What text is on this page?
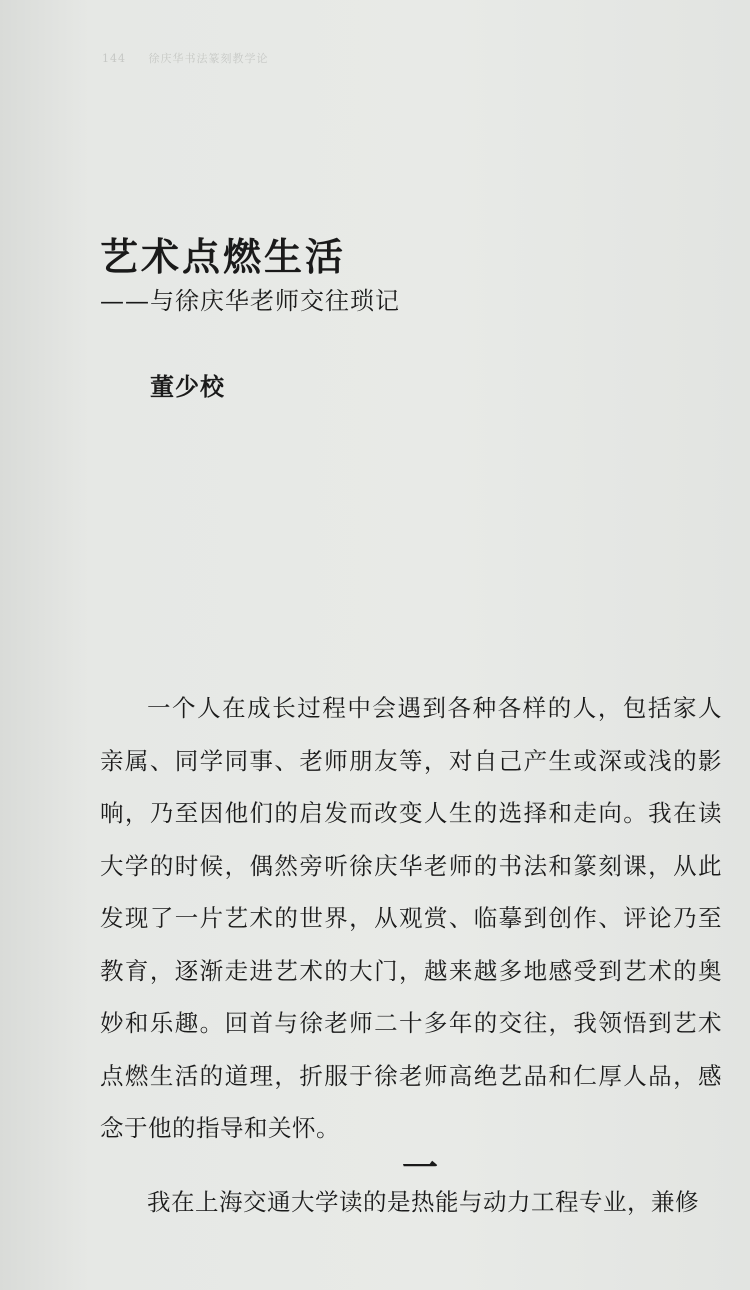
144 徐庆华书法篆刻教学论
艺术点燃生活
——与徐庆华老师交往琐记
董少校

一个人在成长过程中会遇到各种各样的人，包括家人亲属、同学同事、老师朋友等，对自己产生或深或浅的影响，乃至因他们的启发而改变人生的选择和走向。我在读大学的时候，偶然旁听徐庆华老师的书法和篆刻课，从此发现了一片艺术的世界，从观赏、临摹到创作、评论乃至教育，逐渐走进艺术的大门，越来越多地感受到艺术的奥妙和乐趣。回首与徐老师二十多年的交往，我领悟到艺术点燃生活的道理，折服于徐老师高绝艺品和仁厚人品，感念于他的指导和关怀。

一

我在上海交通大学读的是热能与动力工程专业，兼修
